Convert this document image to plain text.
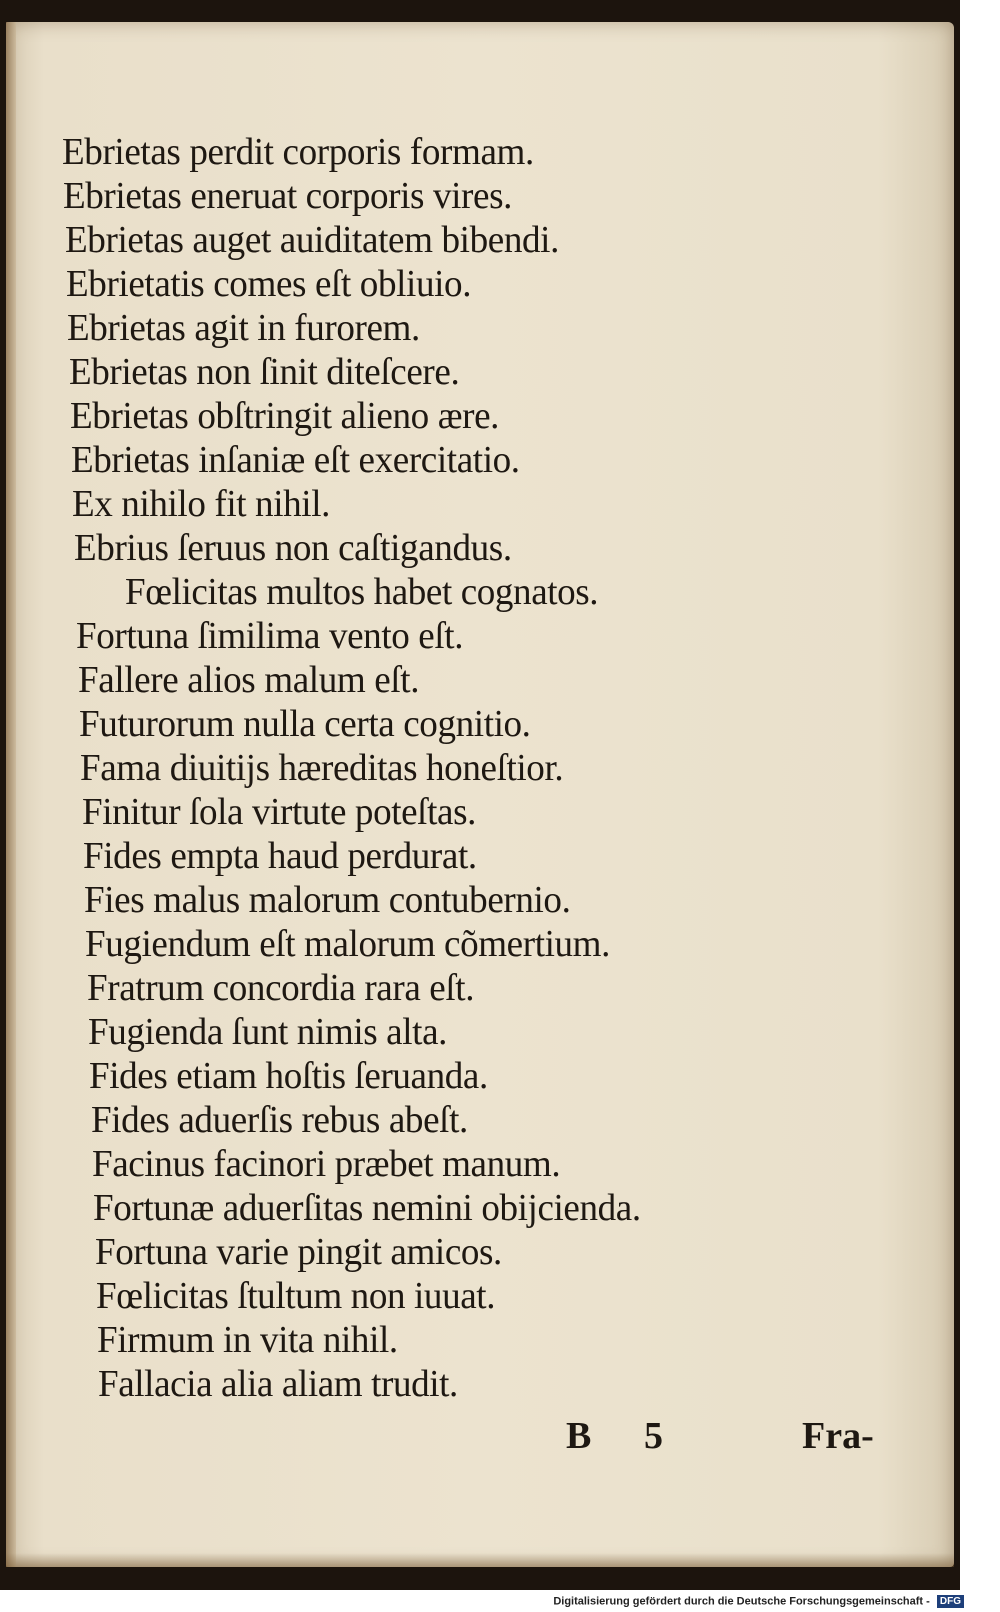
Ebrietas perdit corporis formam.
Ebrietas eneruat corporis vires.
Ebrietas auget auiditatem bibendi.
Ebrietatis comes eſt obliuio.
Ebrietas agit in furorem.
Ebrietas non ſinit diteſcere.
Ebrietas obſtringit alieno ære.
Ebrietas inſaniæ eſt exercitatio.
Ex nihilo fit nihil.
Ebrius ſeruus non caſtigandus.
Fœlicitas multos habet cognatos.
Fortuna ſimilima vento eſt.
Fallere alios malum eſt.
Futurorum nulla certa cognitio.
Fama diuitijs hæreditas honeſtior.
Finitur ſola virtute poteſtas.
Fides empta haud perdurat.
Fies malus malorum contubernio.
Fugiendum eſt malorum cõmertium.
Fratrum concordia rara eſt.
Fugienda ſunt nimis alta.
Fides etiam hoſtis ſeruanda.
Fides aduerſis rebus abeſt.
Facinus facinori præbet manum.
Fortunæ aduerſitas nemini obijcienda.
Fortuna varie pingit amicos.
Fœlicitas ſtultum non iuuat.
Firmum in vita nihil.
Fallacia alia aliam trudit.
B 5	Fra-
Digitalisierung gefördert durch die Deutsche Forschungsgemeinschaft - DFG
